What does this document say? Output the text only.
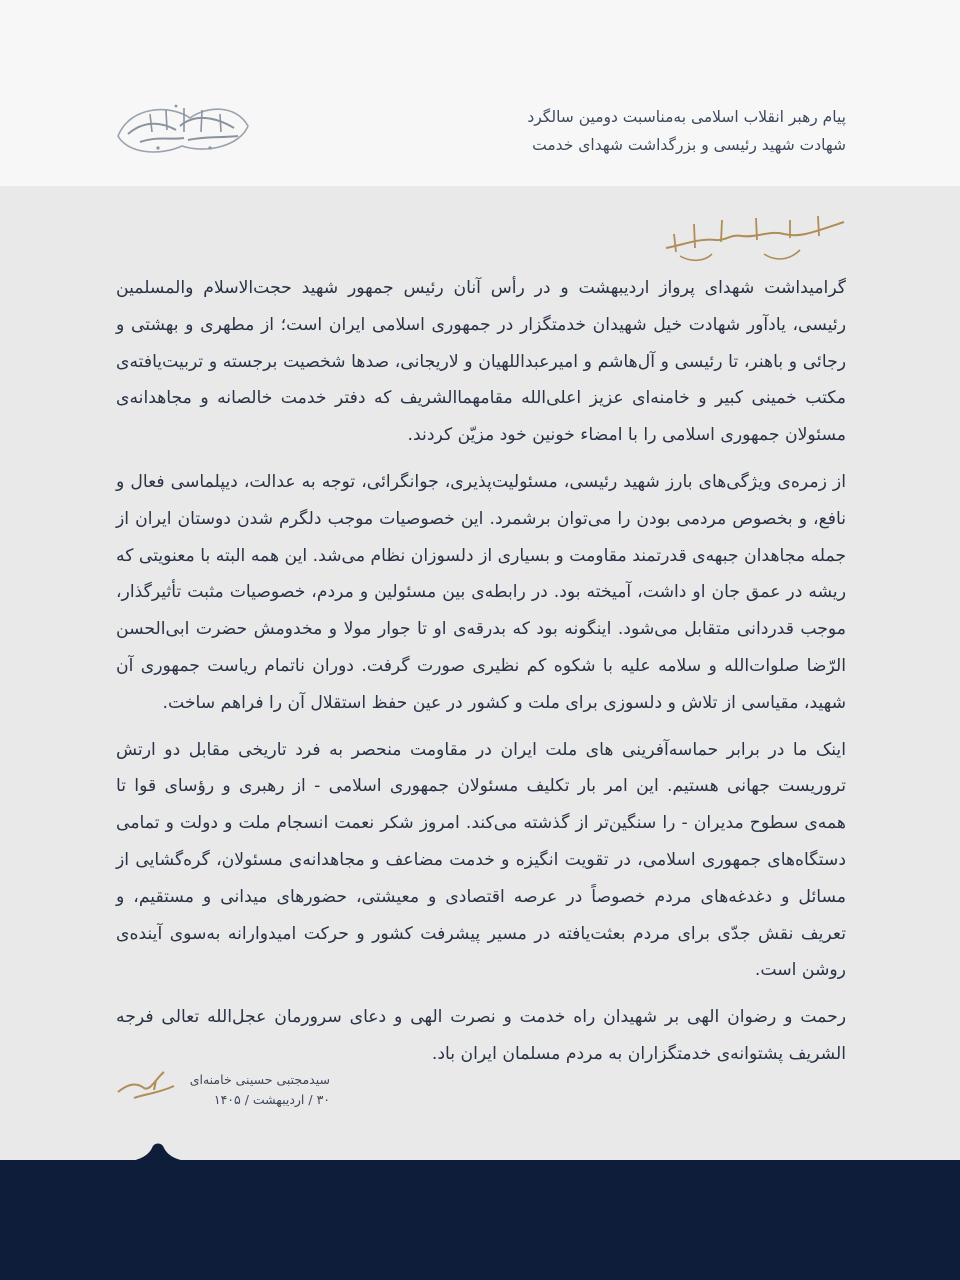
پیام رهبر انقلاب اسلامی به‌مناسبت دومین سالگرد
شهادت شهید رئیسی و بزرگداشت شهدای خدمت

گرامیداشت شهدای پرواز اردیبهشت و در رأس آنان رئیس جمهور شهید حجت‌الاسلام والمسلمین رئیسی، یادآور شهادت خیل شهیدان خدمتگزار در جمهوری اسلامی ایران است؛ از مطهری و بهشتی و رجائی و باهنر، تا رئیسی و آل‌هاشم و امیرعبداللهیان و لاریجانی، صدها شخصیت برجسته و تربیت‌یافته‌ی مکتب خمینی کبیر و خامنه‌ای عزیز اعلی‌الله مقامهماالشریف که دفتر خدمت خالصانه و مجاهدانه‌ی مسئولان جمهوری اسلامی را با امضاء خونین خود مزیّن کردند.

از زمره‌ی ویژگی‌های بارز شهید رئیسی، مسئولیت‌پذیری، جوانگرائی، توجه به عدالت، دیپلماسی فعال و نافع، و بخصوص مردمی بودن را می‌توان برشمرد. این خصوصیات موجب دلگرم شدن دوستان ایران از جمله مجاهدان جبهه‌ی قدرتمند مقاومت و بسیاری از دلسوزان نظام می‌شد. این همه البته با معنویتی که ریشه در عمق جان او داشت، آمیخته بود. در رابطه‌ی بین مسئولین و مردم، خصوصیات مثبت تأثیرگذار، موجب قدردانی متقابل می‌شود. اینگونه بود که بدرقه‌ی او تا جوار مولا و مخدومش حضرت ابی‌الحسن الرّضا صلوات‌الله و سلامه علیه با شکوه کم نظیری صورت گرفت. دوران ناتمام ریاست جمهوری آن شهید، مقیاسی از تلاش و دلسوزی برای ملت و کشور در عین حفظ استقلال آن را فراهم ساخت.

اینک ما در برابر حماسه‌آفرینی های ملت ایران در مقاومت منحصر به فرد تاریخی مقابل دو ارتش تروریست جهانی هستیم. این امر بار تکلیف مسئولان جمهوری اسلامی - از رهبری و رؤسای قوا تا همه‌ی سطوح مدیران - را سنگین‌تر از گذشته می‌کند. امروز شکر نعمت انسجام ملت و دولت و تمامی دستگاه‌های جمهوری اسلامی، در تقویت انگیزه و خدمت مضاعف و مجاهدانه‌ی مسئولان، گره‌گشایی از مسائل و دغدغه‌های مردم خصوصاً در عرصه اقتصادی و معیشتی، حضورهای میدانی و مستقیم، و تعریف نقش جدّی برای مردم بعثت‌یافته در مسیر پیشرفت کشور و حرکت امیدوارانه به‌سوی آینده‌ی روشن است.

رحمت و رضوان الهی بر شهیدان راه خدمت و نصرت الهی و دعای سرورمان عجل‌الله تعالی فرجه الشریف پشتوانه‌ی خدمتگزاران به مردم مسلمان ایران باد.

سیدمجتبی حسینی خامنه‌ای
۳۰ / اردیبهشت / ۱۴۰۵
